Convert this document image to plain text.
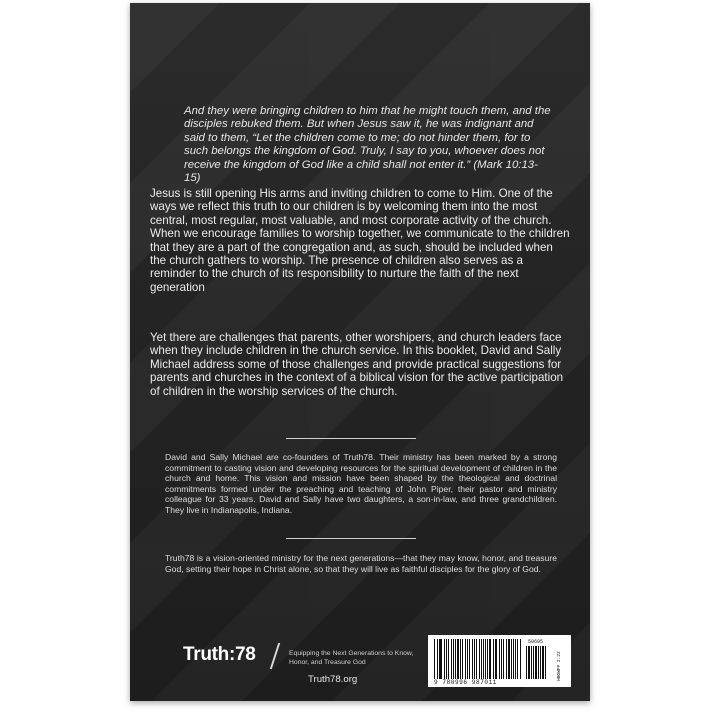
And they were bringing children to him that he might touch them, and the disciples rebuked them. But when Jesus saw it, he was indignant and said to them, “Let the children come to me; do not hinder them, for to such belongs the kingdom of God. Truly, I say to you, whoever does not receive the kingdom of God like a child shall not enter it.” (Mark 10:13-15)

Jesus is still opening His arms and inviting children to come to Him. One of the ways we reflect this truth to our children is by welcoming them into the most central, most regular, most valuable, and most corporate activity of the church. When we encourage families to worship together, we communicate to the children that they are a part of the congregation and, as such, should be included when the church gathers to worship. The presence of children also serves as a reminder to the church of its responsibility to nurture the faith of the next generation

Yet there are challenges that parents, other worshipers, and church leaders face when they include children in the church service. In this booklet, David and Sally Michael address some of those challenges and provide practical suggestions for parents and churches in the context of a biblical vision for the active participation of children in the worship services of the church.

David and Sally Michael are co-founders of Truth78. Their ministry has been marked by a strong commitment to casting vision and developing resources for the spiritual development of children in the church and home. This vision and mission have been shaped by the theological and doctrinal commitments formed under the preaching and teaching of John Piper, their pastor and ministry colleague for 33 years. David and Sally have two daughters, a son-in-law, and three grandchildren. They live in Indianapolis, Indiana.

Truth78 is a vision-oriented ministry for the next generations—that they may know, honor, and treasure God, setting their hope in Christ alone, so that they will live as faithful disciples for the glory of God.

Truth:78	Equipping the Next Generations to Know, Honor, and Treasure God
Truth78.org
50695
9 780996 987011
HBOWFP 2.22
